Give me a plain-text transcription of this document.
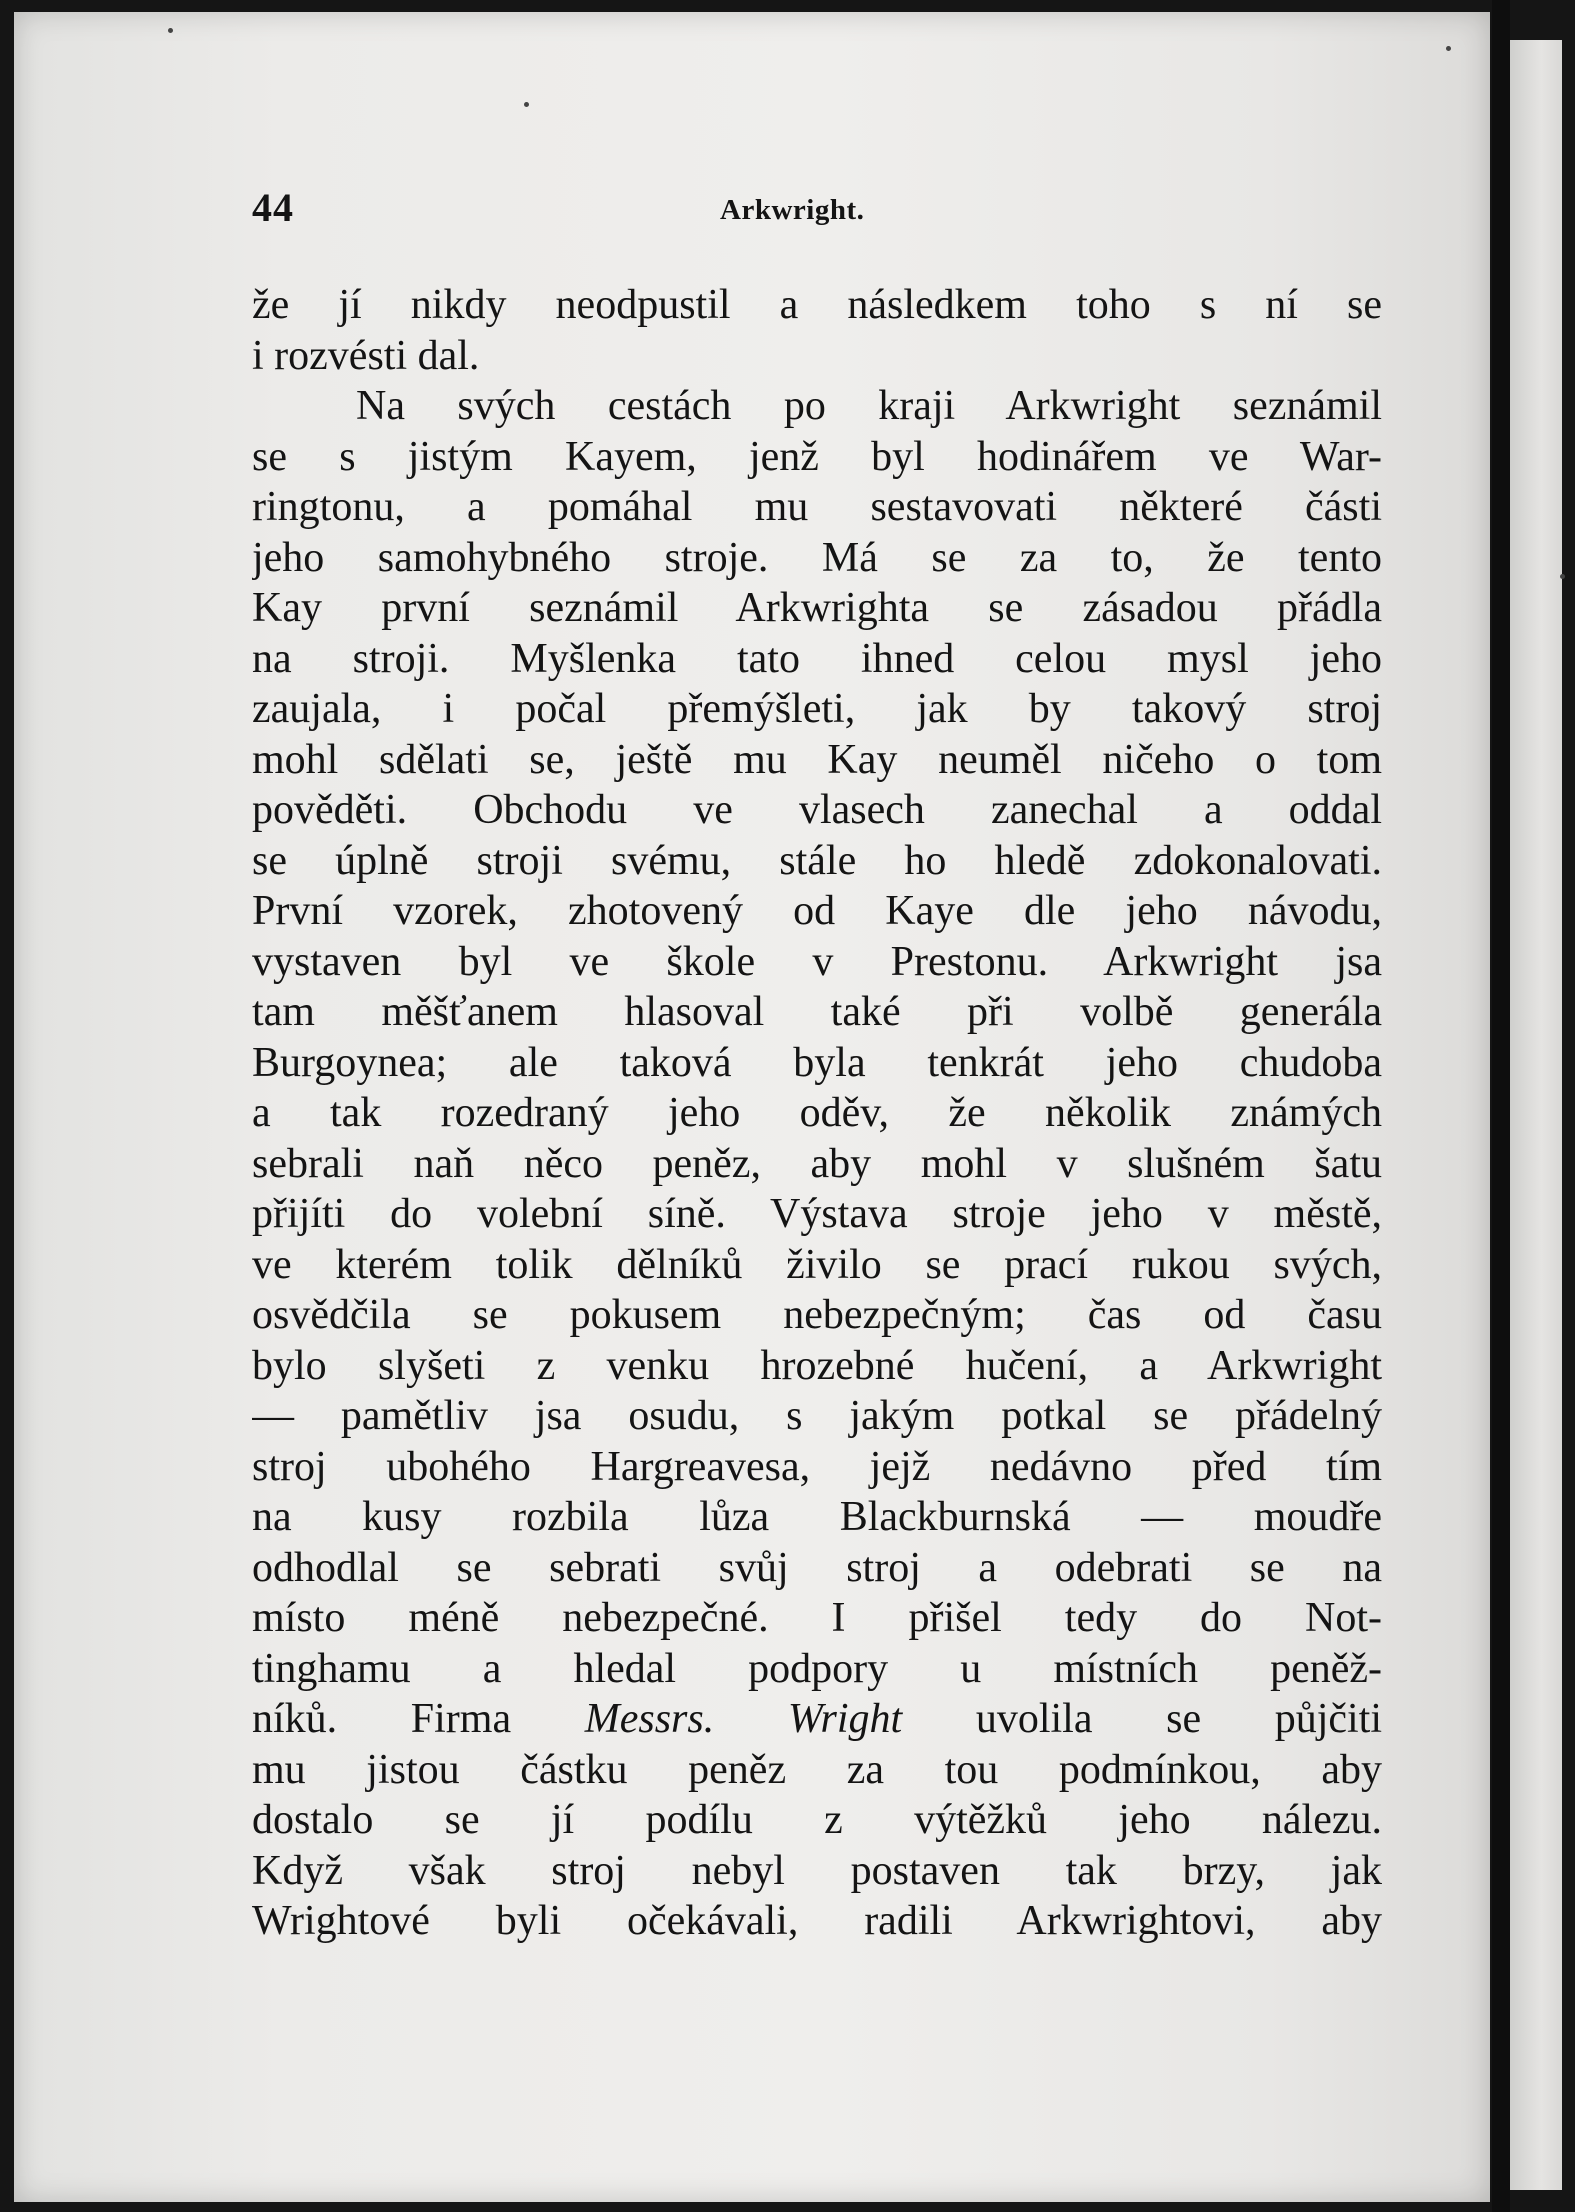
44	Arkwright.
že jí nikdy neodpustil a následkem toho s ní se
i rozvésti dal.
Na svých cestách po kraji Arkwright seznámil
se s jistým Kayem, jenž byl hodinářem ve War-
ringtonu, a pomáhal mu sestavovati některé části
jeho samohybného stroje. Má se za to, že tento
Kay první seznámil Arkwrighta se zásadou přádla
na stroji. Myšlenka tato ihned celou mysl jeho
zaujala, i počal přemýšleti, jak by takový stroj
mohl sdělati se, ještě mu Kay neuměl ničeho o tom
pověděti. Obchodu ve vlasech zanechal a oddal
se úplně stroji svému, stále ho hledě zdokonalovati.
První vzorek, zhotovený od Kaye dle jeho návodu,
vystaven byl ve škole v Prestonu. Arkwright jsa
tam měšťanem hlasoval také při volbě generála
Burgoynea; ale taková byla tenkrát jeho chudoba
a tak rozedraný jeho oděv, že několik známých
sebrali naň něco peněz, aby mohl v slušném šatu
přijíti do volební síně. Výstava stroje jeho v městě,
ve kterém tolik dělníků živilo se prací rukou svých,
osvědčila se pokusem nebezpečným; čas od času
bylo slyšeti z venku hrozebné hučení, a Arkwright
— pamětliv jsa osudu, s jakým potkal se přádelný
stroj ubohého Hargreavesa, jejž nedávno před tím
na kusy rozbila lůza Blackburnská — moudře
odhodlal se sebrati svůj stroj a odebrati se na
místo méně nebezpečné. I přišel tedy do Not-
tinghamu a hledal podpory u místních peněž-
níků. Firma Messrs. Wright uvolila se půjčiti
mu jistou částku peněz za tou podmínkou, aby
dostalo se jí podílu z výtěžků jeho nálezu.
Když však stroj nebyl postaven tak brzy, jak
Wrightové byli očekávali, radili Arkwrightovi, aby
